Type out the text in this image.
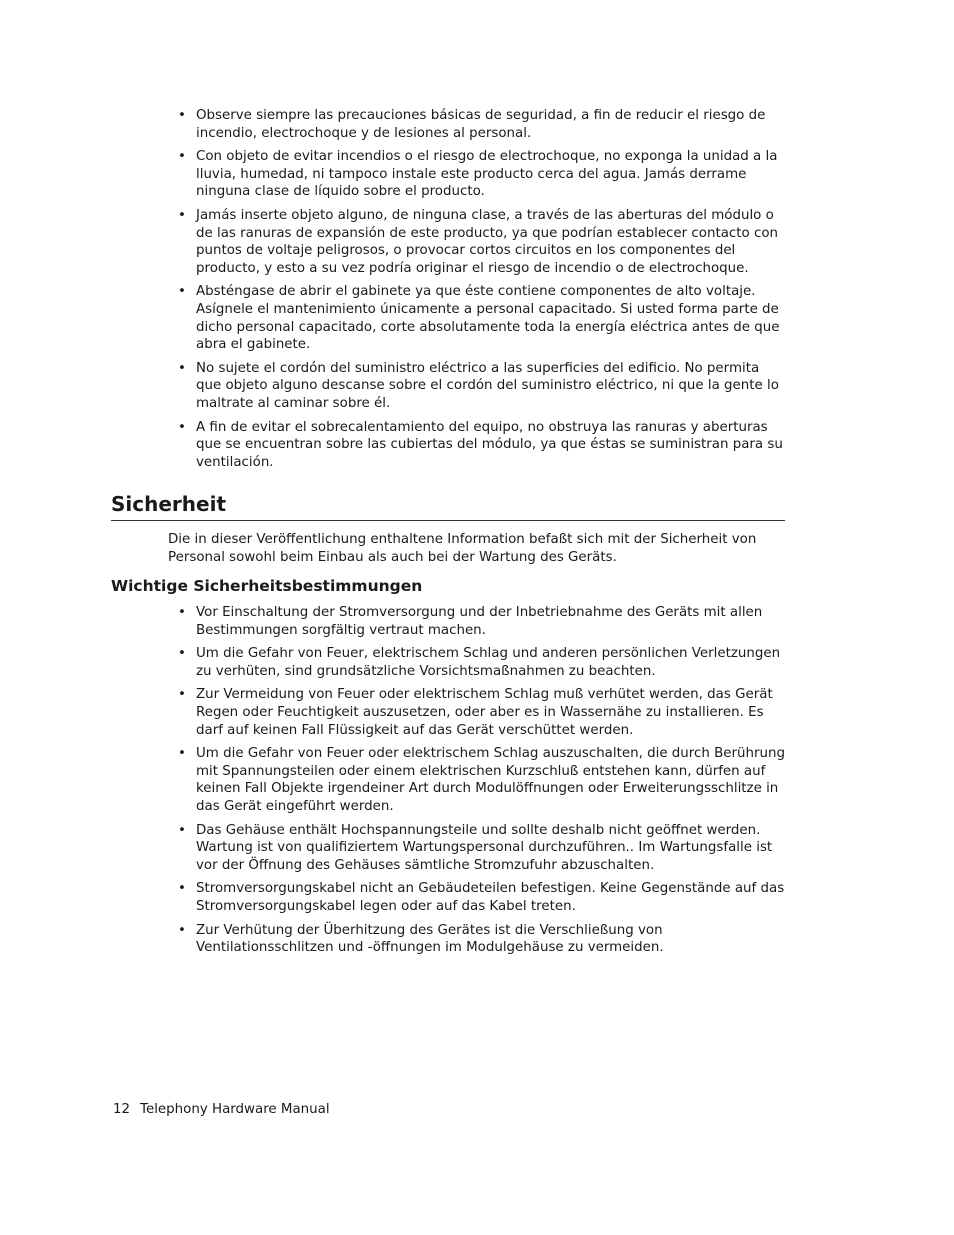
• Observe siempre las precauciones básicas de seguridad, a fin de reducir el riesgo de incendio, electrochoque y de lesiones al personal.
• Con objeto de evitar incendios o el riesgo de electrochoque, no exponga la unidad a la lluvia, humedad, ni tampoco instale este producto cerca del agua. Jamás derrame ninguna clase de líquido sobre el producto.
• Jamás inserte objeto alguno, de ninguna clase, a través de las aberturas del módulo o de las ranuras de expansión de este producto, ya que podrían establecer contacto con puntos de voltaje peligrosos, o provocar cortos circuitos en los componentes del producto, y esto a su vez podría originar el riesgo de incendio o de electrochoque.
• Absténgase de abrir el gabinete ya que éste contiene componentes de alto voltaje. Asígnele el mantenimiento únicamente a personal capacitado. Si usted forma parte de dicho personal capacitado, corte absolutamente toda la energía eléctrica antes de que abra el gabinete.
• No sujete el cordón del suministro eléctrico a las superficies del edificio. No permita que objeto alguno descanse sobre el cordón del suministro eléctrico, ni que la gente lo maltrate al caminar sobre él.
• A fin de evitar el sobrecalentamiento del equipo, no obstruya las ranuras y aberturas que se encuentran sobre las cubiertas del módulo, ya que éstas se suministran para su ventilación.
Sicherheit

Die in dieser Veröffentlichung enthaltene Information befaßt sich mit der Sicherheit von Personal sowohl beim Einbau als auch bei der Wartung des Geräts.

Wichtige Sicherheitsbestimmungen
• Vor Einschaltung der Stromversorgung und der Inbetriebnahme des Geräts mit allen Bestimmungen sorgfältig vertraut machen.
• Um die Gefahr von Feuer, elektrischem Schlag und anderen persönlichen Verletzungen zu verhüten, sind grundsätzliche Vorsichtsmaßnahmen zu beachten.
• Zur Vermeidung von Feuer oder elektrischem Schlag muß verhütet werden, das Gerät Regen oder Feuchtigkeit auszusetzen, oder aber es in Wassernähe zu installieren. Es darf auf keinen Fall Flüssigkeit auf das Gerät verschüttet werden.
• Um die Gefahr von Feuer oder elektrischem Schlag auszuschalten, die durch Berührung mit Spannungsteilen oder einem elektrischen Kurzschluß entstehen kann, dürfen auf keinen Fall Objekte irgendeiner Art durch Modulöffnungen oder Erweiterungsschlitze in das Gerät eingeführt werden.
• Das Gehäuse enthält Hochspannungsteile und sollte deshalb nicht geöffnet werden. Wartung ist von qualifiziertem Wartungspersonal durchzuführen.. Im Wartungsfalle ist vor der Öffnung des Gehäuses sämtliche Stromzufuhr abzuschalten.
• Stromversorgungskabel nicht an Gebäudeteilen befestigen. Keine Gegenstände auf das Stromversorgungskabel legen oder auf das Kabel treten.
• Zur Verhütung der Überhitzung des Gerätes ist die Verschließung von Ventilationsschlitzen und -öffnungen im Modulgehäuse zu vermeiden.
12 Telephony Hardware Manual
